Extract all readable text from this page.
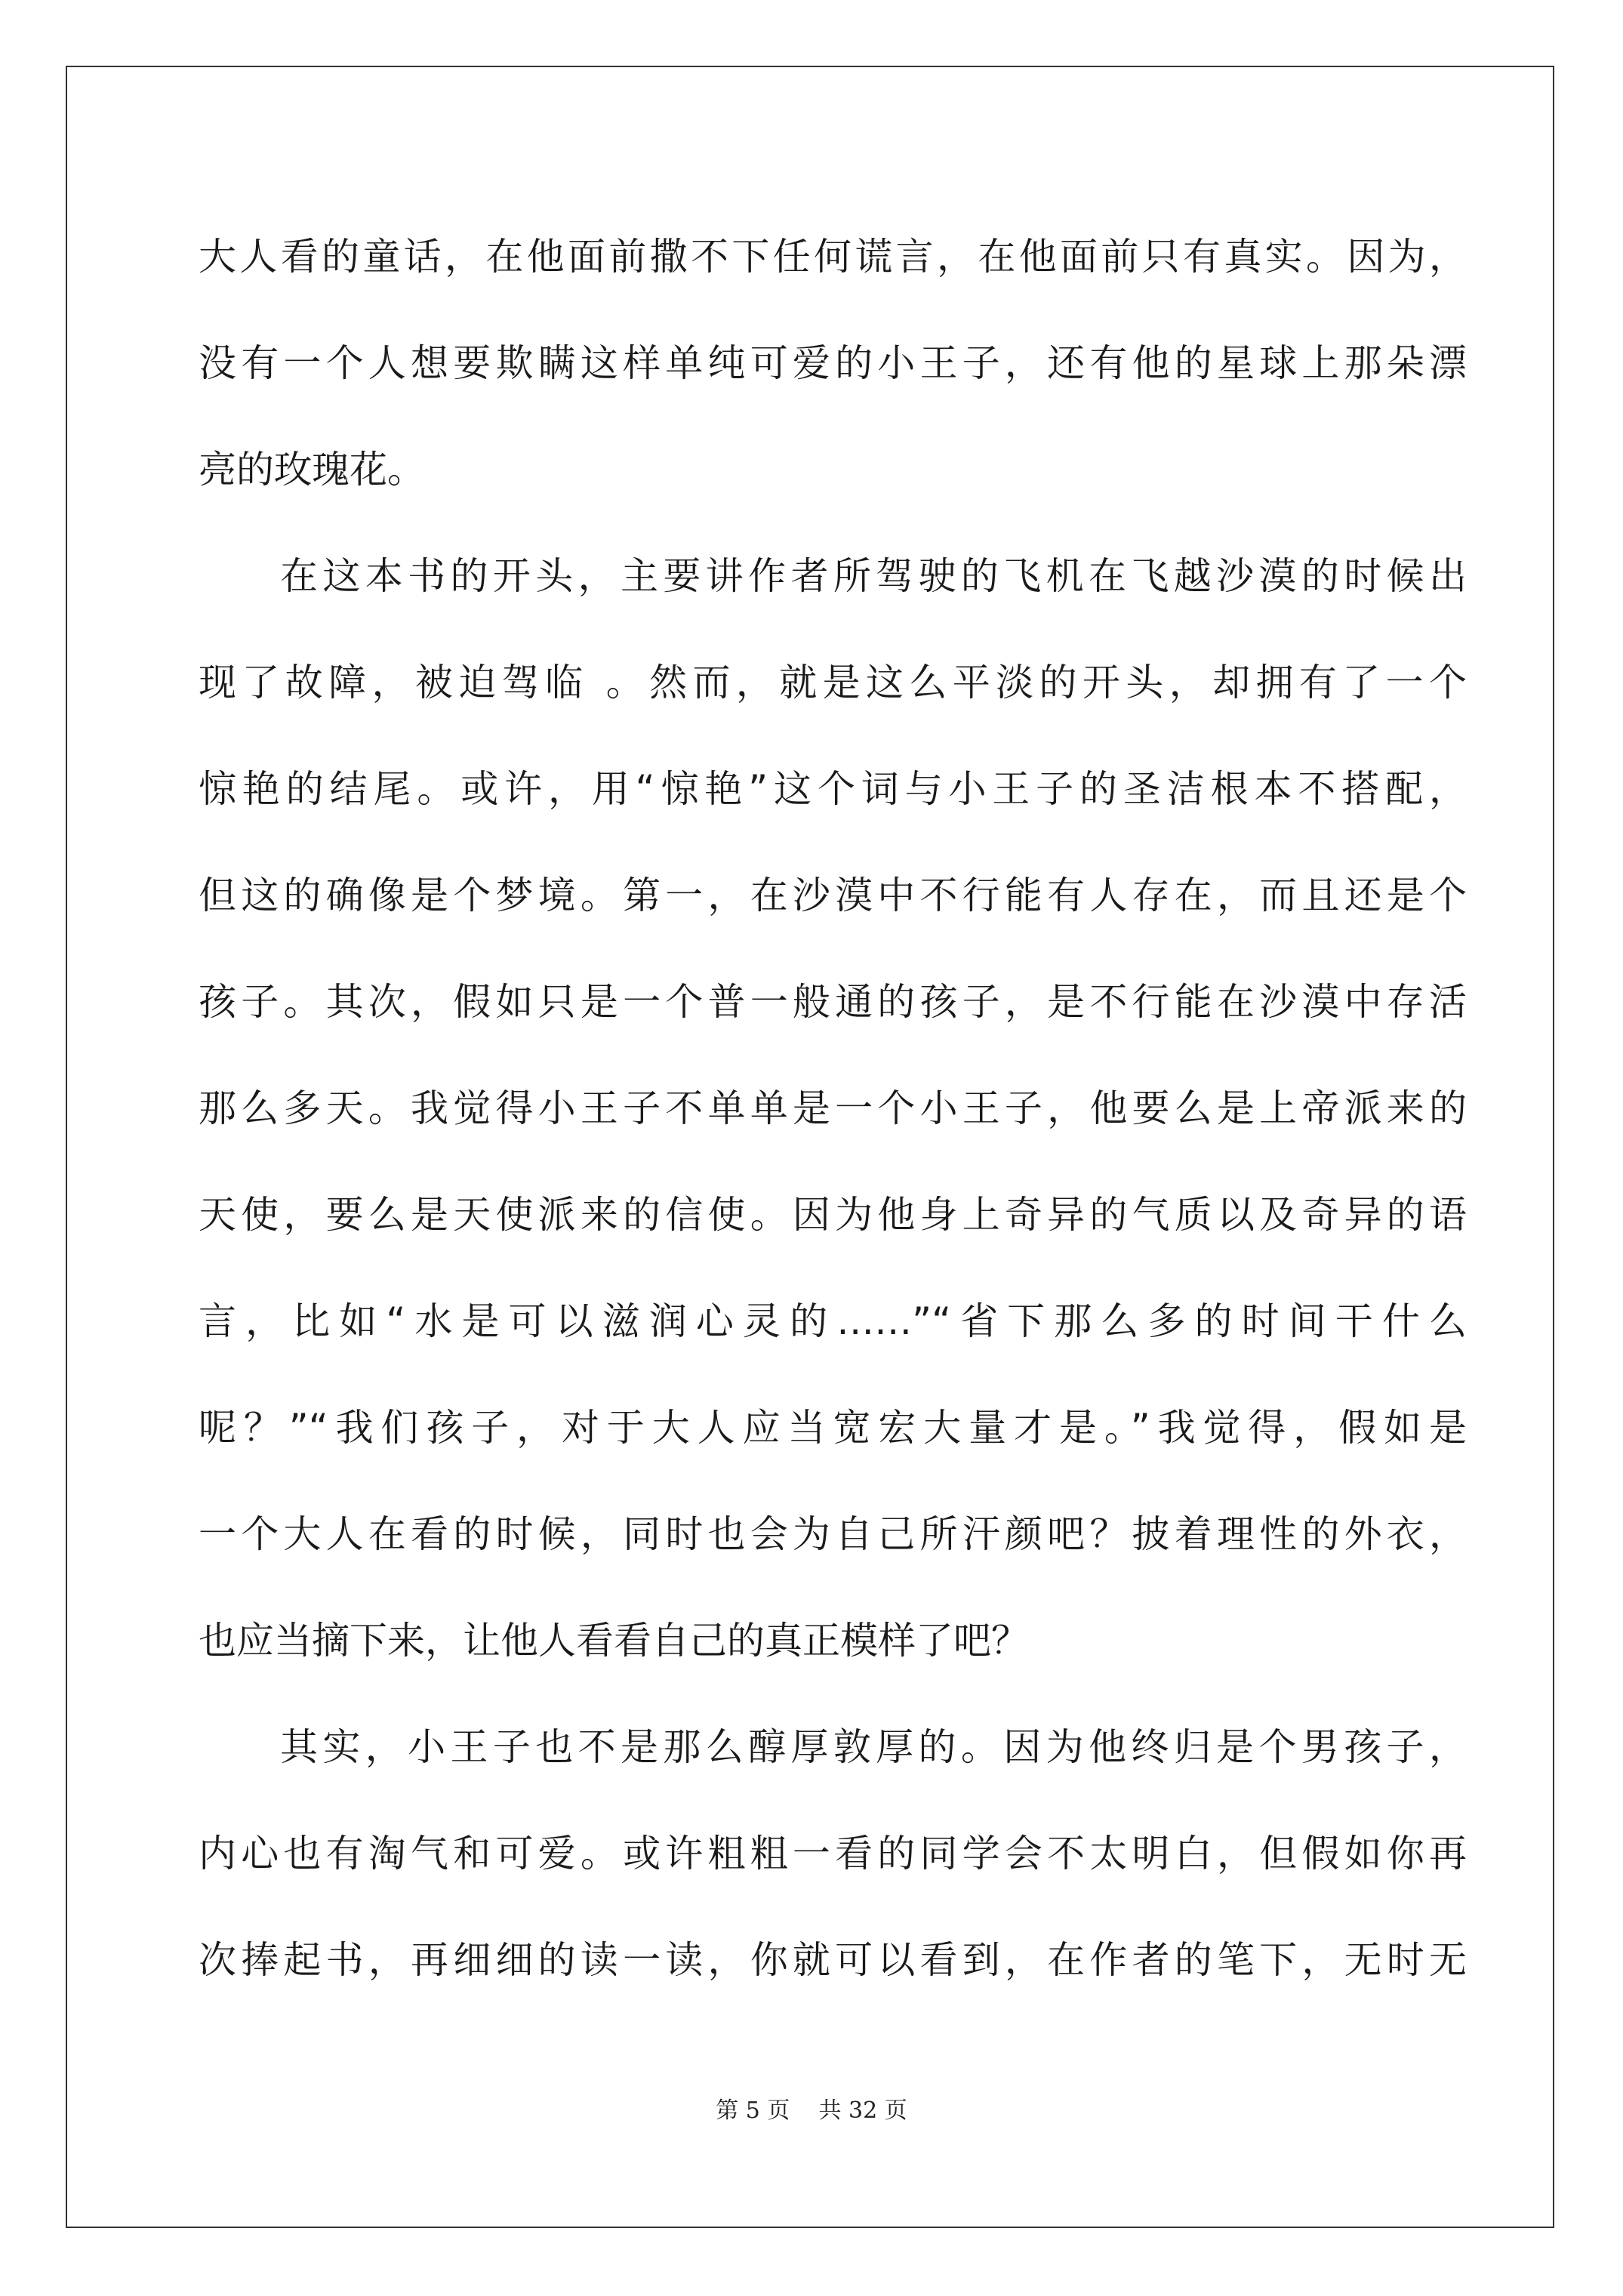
大人看的童话，在他面前撒不下任何谎言，在他面前只有真实。因为，
没有一个人想要欺瞒这样单纯可爱的小王子，还有他的星球上那朵漂
亮的玫瑰花。
在这本书的开头，主要讲作者所驾驶的飞机在飞越沙漠的时候出
现了故障，被迫驾临 。然而，就是这么平淡的开头，却拥有了一个
惊艳的结尾。或许，用“惊艳”这个词与小王子的圣洁根本不搭配，
但这的确像是个梦境。第一，在沙漠中不行能有人存在，而且还是个
孩子。其次，假如只是一个普一般通的孩子，是不行能在沙漠中存活
那么多天。我觉得小王子不单单是一个小王子，他要么是上帝派来的
天使，要么是天使派来的信使。因为他身上奇异的气质以及奇异的语
言，比如“水是可以滋润心灵的……”“省下那么多的时间干什么
呢？”“我们孩子，对于大人应当宽宏大量才是。”我觉得，假如是
一个大人在看的时候，同时也会为自己所汗颜吧？披着理性的外衣，
也应当摘下来，让他人看看自己的真正模样了吧？
其实，小王子也不是那么醇厚敦厚的。因为他终归是个男孩子，
内心也有淘气和可爱。或许粗粗一看的同学会不太明白，但假如你再
次捧起书，再细细的读一读，你就可以看到，在作者的笔下，无时无
第 5 页    共 32 页
